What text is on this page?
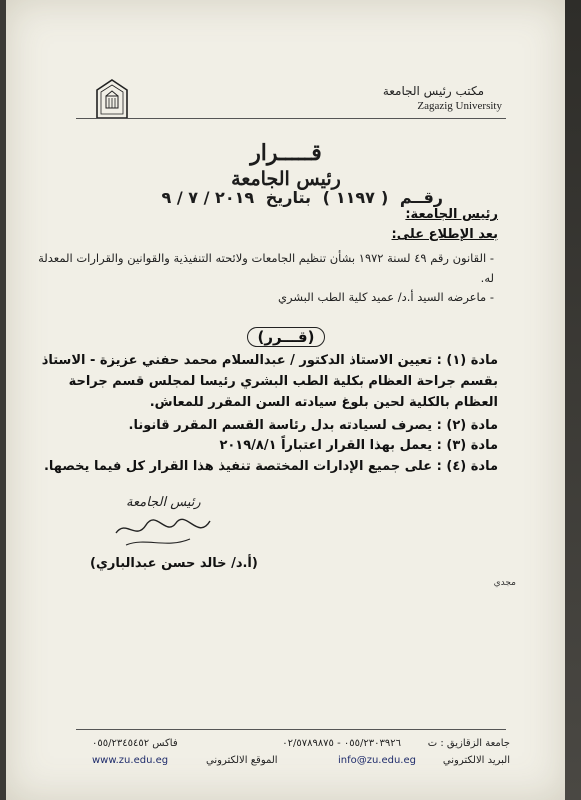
مكتب رئيس الجامعة
Zagazig University
قـــــرار
رئيس الجامعة
رقــم (١١٩٧) بتاريخ ٢٠١٩ / ٧ / ٩
رئيس الجامعة:
بعد الإطلاع على:
- القانون رقم ٤٩ لسنة ١٩٧٢ بشأن تنظيم الجامعات ولائحته التنفيذية والقوانين والقرارات المعدلة له.
- ماعرضه السيد أ.د/ عميد كلية الطب البشري
(قـــرر)
مادة (١) : تعيين الاستاذ الدكتور / عبدالسلام محمد حفني عزيزة - الاستاذ بقسم جراحة العظام بكلية الطب البشري رئيسا لمجلس قسم جراحة العظام بالكلية لحين بلوغ سيادته السن المقرر للمعاش.
مادة (٢) : يصرف لسيادته بدل رئاسة القسم المقرر قانونا.
مادة (٣) : يعمل بهذا القرار اعتباراً ٢٠١٩/٨/١
مادة (٤) : على جميع الإدارات المختصة تنفيذ هذا القرار كل فيما يخصها.
رئيس الجامعة
(أ.د/ خالد حسن عبدالباري)
مجدي
جامعة الزقازيق : ت
٠٥٥/٢٣٠٣٩٢٦ - ٠٢/٥٧٨٩٨٧٥
فاكس ٠٥٥/٢٣٤٥٤٥٢
البريد الالكتروني
info@zu.edu.eg
الموقع الالكتروني
www.zu.edu.eg
